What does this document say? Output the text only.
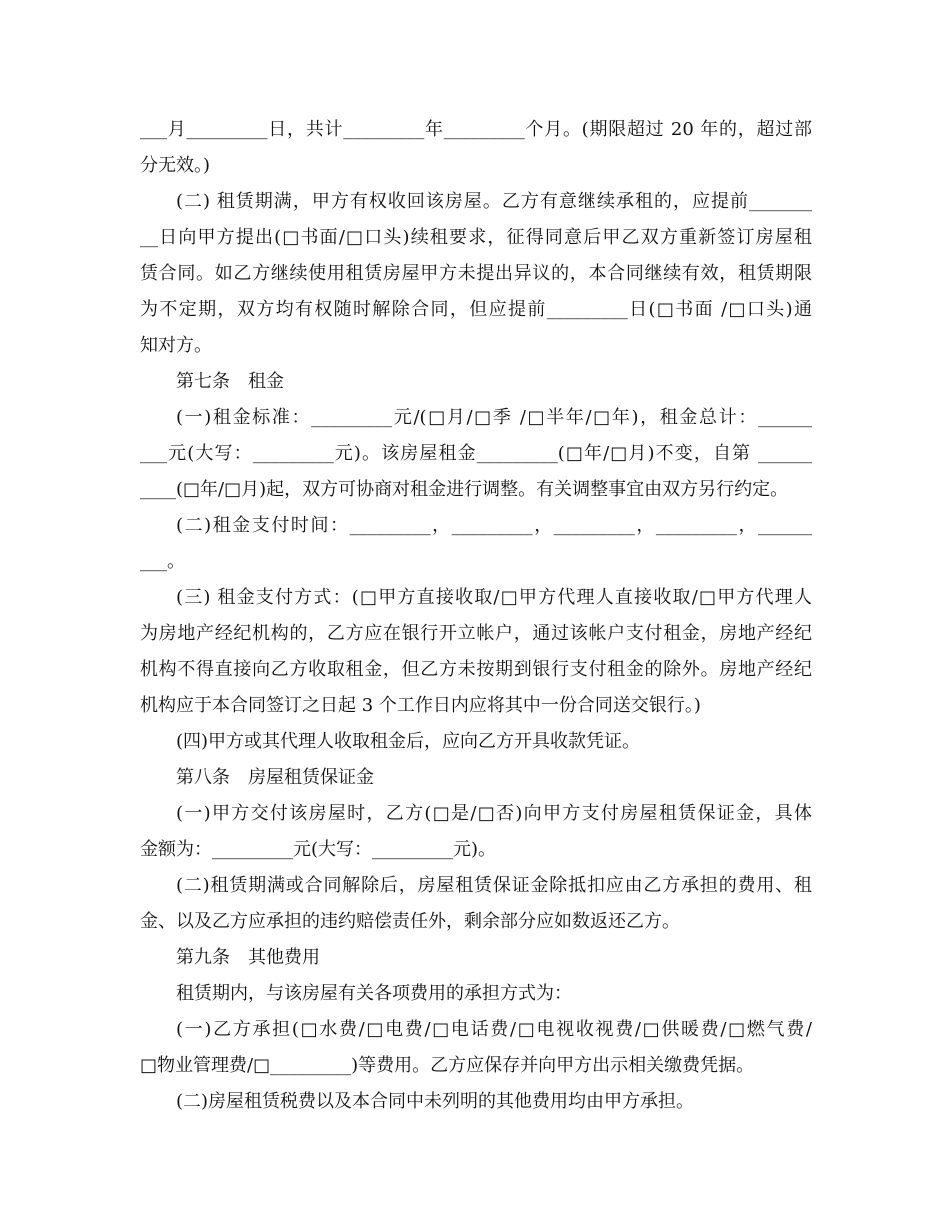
___月_________日，共计_________年_________个月。(期限超过 20 年的，超过部
分无效。)
(二) 租赁期满，甲方有权收回该房屋。乙方有意继续承租的，应提前_______
__日向甲方提出(□书面/□口头)续租要求，征得同意后甲乙双方重新签订房屋租
赁合同。如乙方继续使用租赁房屋甲方未提出异议的，本合同继续有效，租赁期限
为不定期，双方均有权随时解除合同，但应提前_________日(□书面 /□口头)通
知对方。
第七条　租金
(一)租金标准：_________元/(□月/□季 /□半年/□年)，租金总计：______
___元(大写：_________元)。该房屋租金_________(□年/□月)不变，自第 ______
____(□年/□月)起，双方可协商对租金进行调整。有关调整事宜由双方另行约定。
(二)租金支付时间：_________，_________，_________，_________，______
___。
(三) 租金支付方式：(□甲方直接收取/□甲方代理人直接收取/□甲方代理人
为房地产经纪机构的，乙方应在银行开立帐户，通过该帐户支付租金，房地产经纪
机构不得直接向乙方收取租金，但乙方未按期到银行支付租金的除外。房地产经纪
机构应于本合同签订之日起 3 个工作日内应将其中一份合同送交银行。)
(四)甲方或其代理人收取租金后，应向乙方开具收款凭证。
第八条　房屋租赁保证金
(一)甲方交付该房屋时，乙方(□是/□否)向甲方支付房屋租赁保证金，具体
金额为：_________元(大写：_________元)。
(二)租赁期满或合同解除后，房屋租赁保证金除抵扣应由乙方承担的费用、租
金、以及乙方应承担的违约赔偿责任外，剩余部分应如数返还乙方。
第九条　其他费用
租赁期内，与该房屋有关各项费用的承担方式为：
(一)乙方承担(□水费/□电费/□电话费/□电视收视费/□供暖费/□燃气费/
□物业管理费/□_________)等费用。乙方应保存并向甲方出示相关缴费凭据。
(二)房屋租赁税费以及本合同中未列明的其他费用均由甲方承担。
